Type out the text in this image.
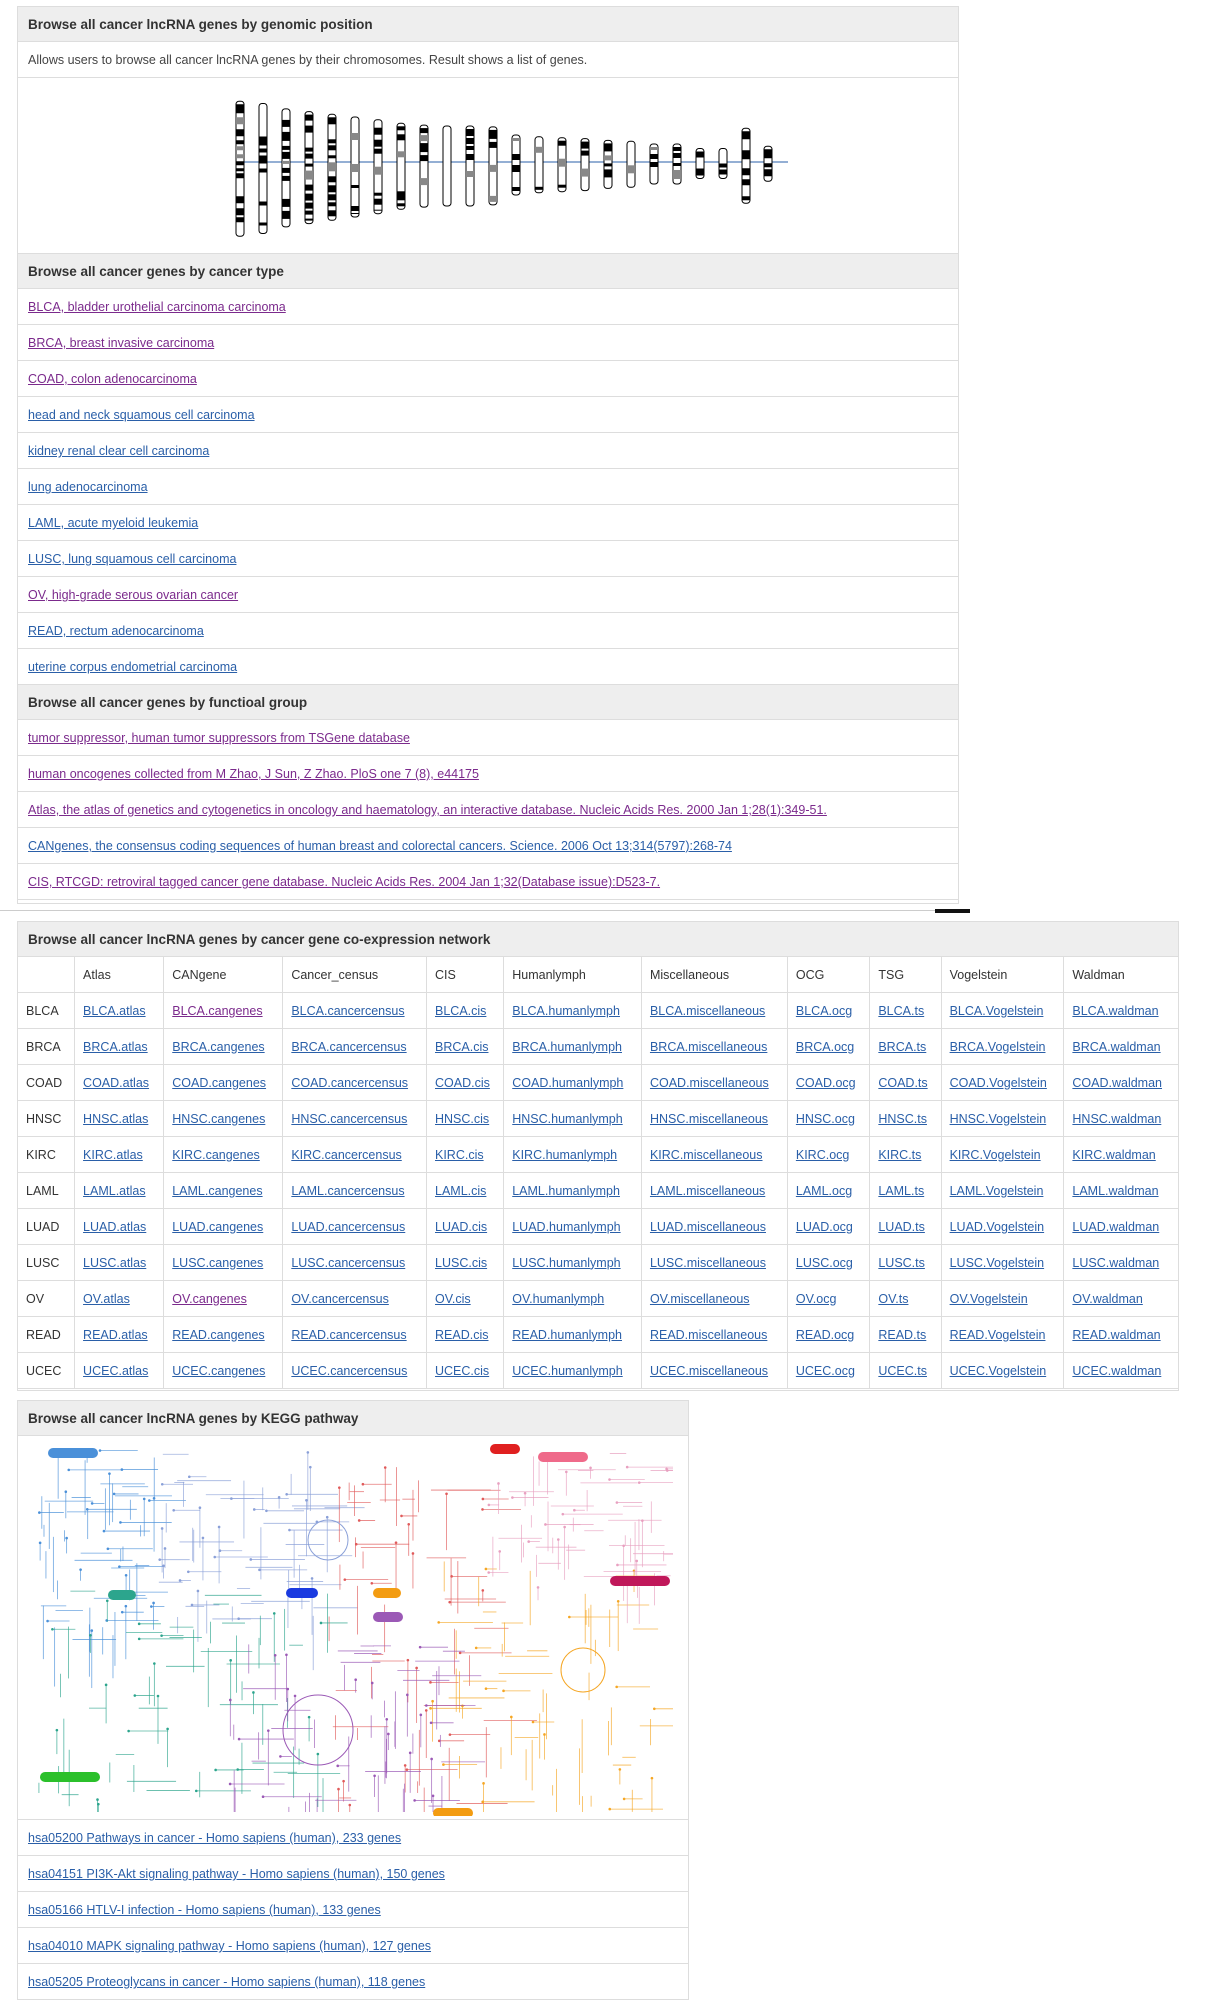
Browse all cancer lncRNA genes by genomic position
Allows users to browse all cancer lncRNA genes by their chromosomes. Result shows a list of genes.
Browse all cancer genes by cancer type
BLCA, bladder urothelial carcinoma carcinoma
BRCA, breast invasive carcinoma
COAD, colon adenocarcinoma
head and neck squamous cell carcinoma
kidney renal clear cell carcinoma
lung adenocarcinoma
LAML, acute myeloid leukemia
LUSC, lung squamous cell carcinoma
OV, high-grade serous ovarian cancer
READ, rectum adenocarcinoma
uterine corpus endometrial carcinoma
Browse all cancer genes by functioal group
tumor suppressor, human tumor suppressors from TSGene database
human oncogenes collected from M Zhao, J Sun, Z Zhao. PloS one 7 (8), e44175
Atlas, the atlas of genetics and cytogenetics in oncology and haematology, an interactive database. Nucleic Acids Res. 2000 Jan 1;28(1):349-51.
CANgenes, the consensus coding sequences of human breast and colorectal cancers. Science. 2006 Oct 13;314(5797):268-74
CIS, RTCGD: retroviral tagged cancer gene database. Nucleic Acids Res. 2004 Jan 1;32(Database issue):D523-7.
Browse all cancer lncRNA genes by cancer gene co-expression network
	Atlas	CANgene	Cancer_census	CIS	Humanlymph	Miscellaneous	OCG	TSG	Vogelstein	Waldman
BLCA	BLCA.atlas	BLCA.cangenes	BLCA.cancercensus	BLCA.cis	BLCA.humanlymph	BLCA.miscellaneous	BLCA.ocg	BLCA.ts	BLCA.Vogelstein	BLCA.waldman
BRCA	BRCA.atlas	BRCA.cangenes	BRCA.cancercensus	BRCA.cis	BRCA.humanlymph	BRCA.miscellaneous	BRCA.ocg	BRCA.ts	BRCA.Vogelstein	BRCA.waldman
COAD	COAD.atlas	COAD.cangenes	COAD.cancercensus	COAD.cis	COAD.humanlymph	COAD.miscellaneous	COAD.ocg	COAD.ts	COAD.Vogelstein	COAD.waldman
HNSC	HNSC.atlas	HNSC.cangenes	HNSC.cancercensus	HNSC.cis	HNSC.humanlymph	HNSC.miscellaneous	HNSC.ocg	HNSC.ts	HNSC.Vogelstein	HNSC.waldman
KIRC	KIRC.atlas	KIRC.cangenes	KIRC.cancercensus	KIRC.cis	KIRC.humanlymph	KIRC.miscellaneous	KIRC.ocg	KIRC.ts	KIRC.Vogelstein	KIRC.waldman
LAML	LAML.atlas	LAML.cangenes	LAML.cancercensus	LAML.cis	LAML.humanlymph	LAML.miscellaneous	LAML.ocg	LAML.ts	LAML.Vogelstein	LAML.waldman
LUAD	LUAD.atlas	LUAD.cangenes	LUAD.cancercensus	LUAD.cis	LUAD.humanlymph	LUAD.miscellaneous	LUAD.ocg	LUAD.ts	LUAD.Vogelstein	LUAD.waldman
LUSC	LUSC.atlas	LUSC.cangenes	LUSC.cancercensus	LUSC.cis	LUSC.humanlymph	LUSC.miscellaneous	LUSC.ocg	LUSC.ts	LUSC.Vogelstein	LUSC.waldman
OV	OV.atlas	OV.cangenes	OV.cancercensus	OV.cis	OV.humanlymph	OV.miscellaneous	OV.ocg	OV.ts	OV.Vogelstein	OV.waldman
READ	READ.atlas	READ.cangenes	READ.cancercensus	READ.cis	READ.humanlymph	READ.miscellaneous	READ.ocg	READ.ts	READ.Vogelstein	READ.waldman
UCEC	UCEC.atlas	UCEC.cangenes	UCEC.cancercensus	UCEC.cis	UCEC.humanlymph	UCEC.miscellaneous	UCEC.ocg	UCEC.ts	UCEC.Vogelstein	UCEC.waldman
Browse all cancer lncRNA genes by KEGG pathway
hsa05200 Pathways in cancer - Homo sapiens (human), 233 genes
hsa04151 PI3K-Akt signaling pathway - Homo sapiens (human), 150 genes
hsa05166 HTLV-I infection - Homo sapiens (human), 133 genes
hsa04010 MAPK signaling pathway - Homo sapiens (human), 127 genes
hsa05205 Proteoglycans in cancer - Homo sapiens (human), 118 genes
